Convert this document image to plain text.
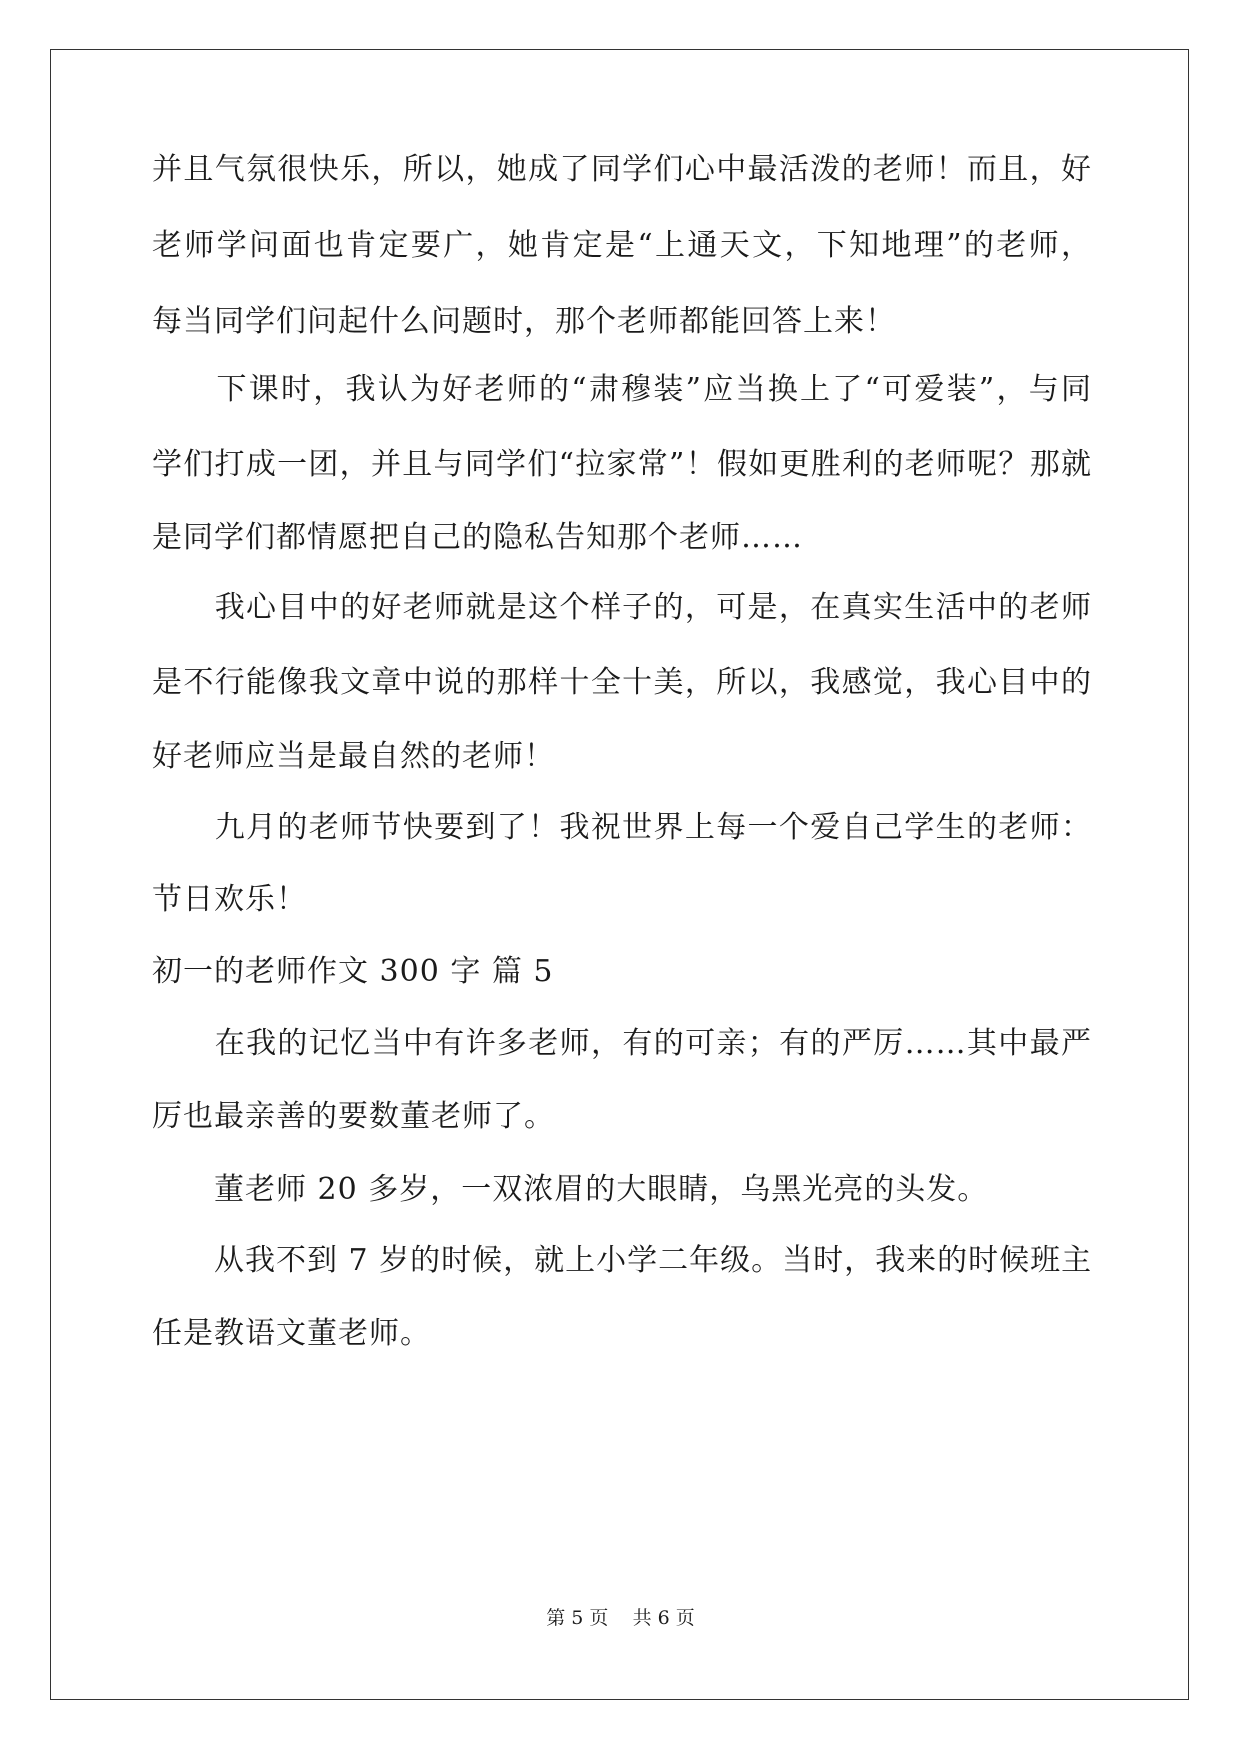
并且气氛很快乐，所以，她成了同学们心中最活泼的老师！而且，好
老师学问面也肯定要广，她肯定是“上通天文，下知地理”的老师，
每当同学们问起什么问题时，那个老师都能回答上来！
　　下课时，我认为好老师的“肃穆装”应当换上了“可爱装”，与同
学们打成一团，并且与同学们“拉家常”！假如更胜利的老师呢？那就
是同学们都情愿把自己的隐私告知那个老师……
　　我心目中的好老师就是这个样子的，可是，在真实生活中的老师
是不行能像我文章中说的那样十全十美，所以，我感觉，我心目中的
好老师应当是最自然的老师！
　　九月的老师节快要到了！我祝世界上每一个爱自己学生的老师：
节日欢乐！
初一的老师作文 300 字 篇 5
　　在我的记忆当中有许多老师，有的可亲；有的严厉……其中最严
厉也最亲善的要数董老师了。
　　董老师 20 多岁，一双浓眉的大眼睛，乌黑光亮的头发。
　　从我不到 7 岁的时候，就上小学二年级。当时，我来的时候班主
任是教语文董老师。
第 5 页    共 6 页
